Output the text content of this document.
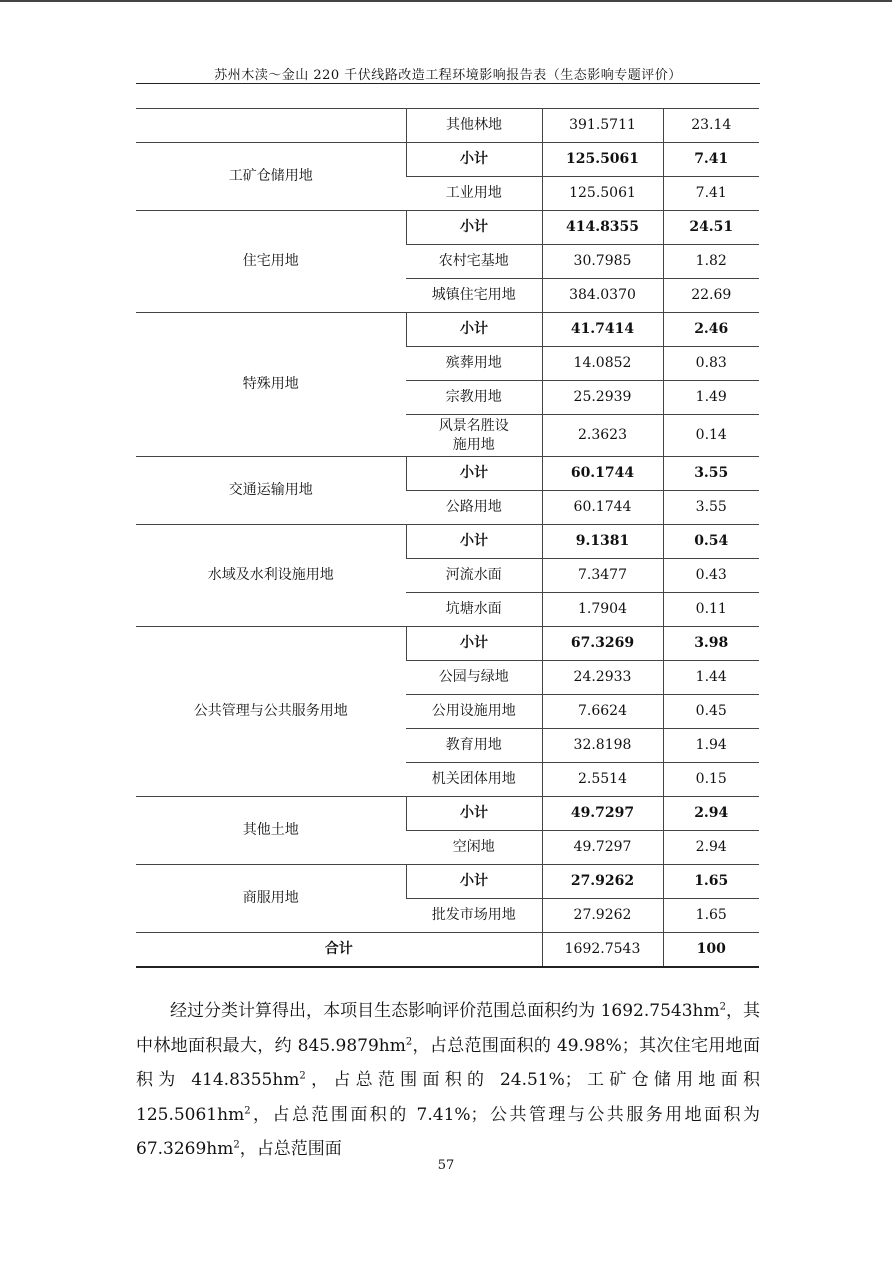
苏州木渎～金山 220 千伏线路改造工程环境影响报告表（生态影响专题评价）
	其他林地	391.5711	23.14
工矿仓储用地	小计	125.5061	7.41
	工业用地	125.5061	7.41
住宅用地	小计	414.8355	24.51
	农村宅基地	30.7985	1.82
	城镇住宅用地	384.0370	22.69
特殊用地	小计	41.7414	2.46
	殡葬用地	14.0852	0.83
	宗教用地	25.2939	1.49
	风景名胜设
施用地	2.3623	0.14
交通运输用地	小计	60.1744	3.55
	公路用地	60.1744	3.55
水域及水利设施用地	小计	9.1381	0.54
	河流水面	7.3477	0.43
	坑塘水面	1.7904	0.11
公共管理与公共服务用地	小计	67.3269	3.98
	公园与绿地	24.2933	1.44
	公用设施用地	7.6624	0.45
	教育用地	32.8198	1.94
	机关团体用地	2.5514	0.15
其他土地	小计	49.7297	2.94
	空闲地	49.7297	2.94
商服用地	小计	27.9262	1.65
	批发市场用地	27.9262	1.65
合计		1692.7543	100

经过分类计算得出，本项目生态影响评价范围总面积约为 $1692.7543hm^2$，其中林地面积最大，约 $845.9879hm^2$，占总范围面积的 49.98%；其次住宅用地面积为 $414.8355hm^2$，占总范围面积的 24.51%；工矿仓储用地面积 $125.5061hm^2$，占总范围面积的 7.41%；公共管理与公共服务用地面积为 $67.3269hm^2$，占总范围面

57
